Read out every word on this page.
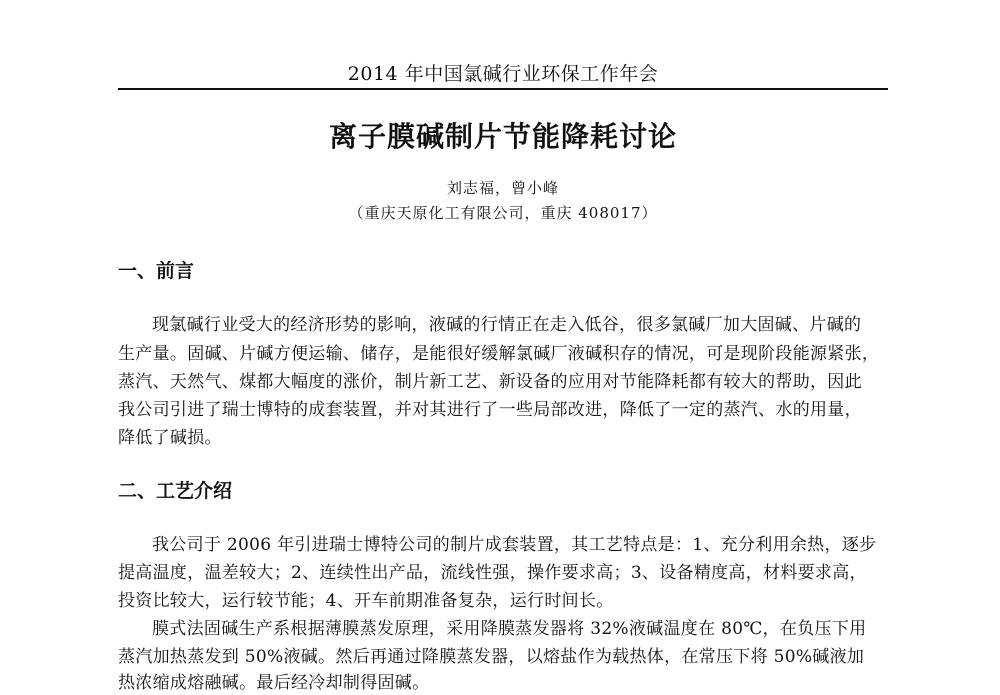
2014 年中国氯碱行业环保工作年会
离子膜碱制片节能降耗讨论
刘志福，曾小峰
（重庆天原化工有限公司，重庆 408017）
一、前言
现氯碱行业受大的经济形势的影响，液碱的行情正在走入低谷，很多氯碱厂加大固碱、片碱的
生产量。固碱、片碱方便运输、储存，是能很好缓解氯碱厂液碱积存的情况，可是现阶段能源紧张，
蒸汽、天然气、煤都大幅度的涨价，制片新工艺、新设备的应用对节能降耗都有较大的帮助，因此
我公司引进了瑞士博特的成套装置，并对其进行了一些局部改进，降低了一定的蒸汽、水的用量，
降低了碱损。
二、工艺介绍
我公司于 2006 年引进瑞士博特公司的制片成套装置，其工艺特点是：1、充分利用余热，逐步
提高温度，温差较大；2、连续性出产品，流线性强，操作要求高；3、设备精度高，材料要求高，
投资比较大，运行较节能；4、开车前期准备复杂，运行时间长。
膜式法固碱生产系根据薄膜蒸发原理，采用降膜蒸发器将 32%液碱温度在 80℃，在负压下用
蒸汽加热蒸发到 50%液碱。然后再通过降膜蒸发器，以熔盐作为载热体，在常压下将 50%碱液加
热浓缩成熔融碱。最后经冷却制得固碱。
